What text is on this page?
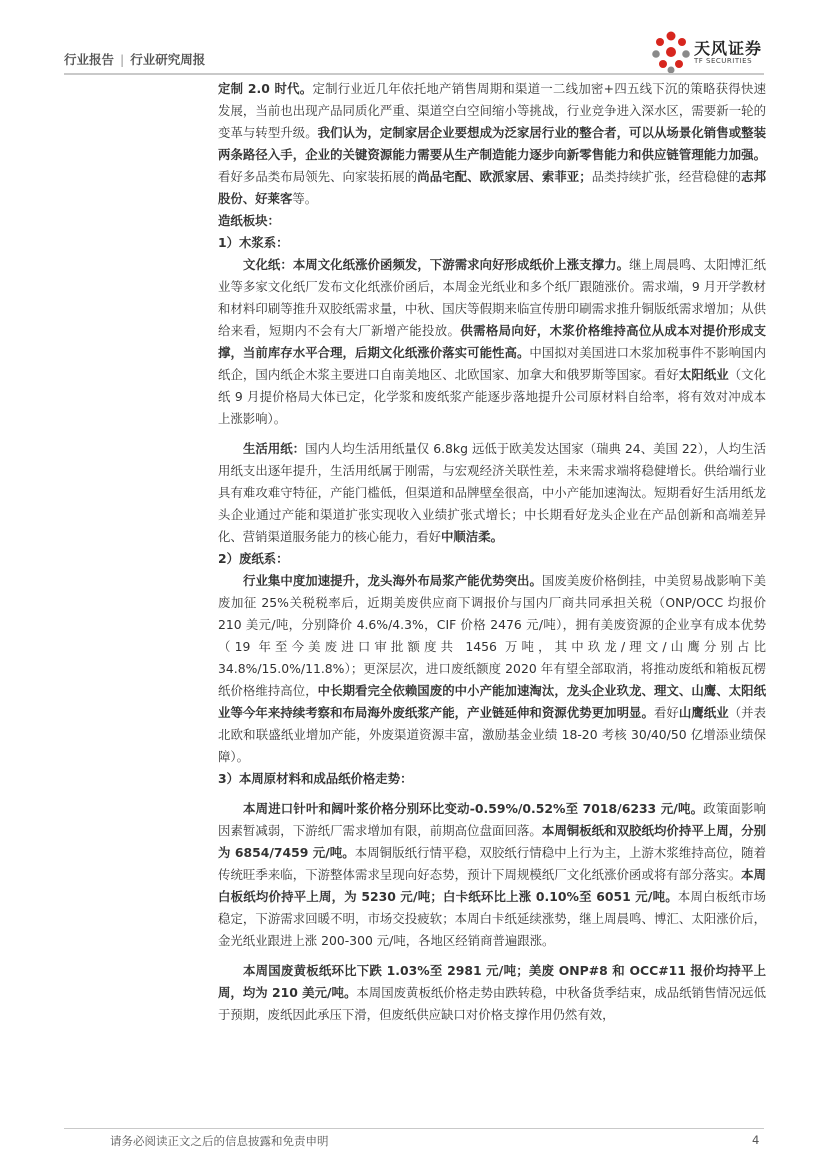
行业报告 | 行业研究周报
天风证券
TF SECURITIES

定制 2.0 时代。定制行业近几年依托地产销售周期和渠道一二线加密+四五线下沉的策略获得快速发展，当前也出现产品同质化严重、渠道空白空间缩小等挑战，行业竞争进入深水区，需要新一轮的变革与转型升级。我们认为，定制家居企业要想成为泛家居行业的整合者，可以从场景化销售或整装两条路径入手，企业的关键资源能力需要从生产制造能力逐步向新零售能力和供应链管理能力加强。看好多品类布局领先、向家装拓展的尚品宅配、欧派家居、索菲亚；品类持续扩张，经营稳健的志邦股份、好莱客等。

造纸板块：

1）木浆系：

文化纸：本周文化纸涨价函频发，下游需求向好形成纸价上涨支撑力。继上周晨鸣、太阳博汇纸业等多家文化纸厂发布文化纸涨价函后，本周金光纸业和多个纸厂跟随涨价。需求端，9 月开学教材和材料印刷等推升双胶纸需求量，中秋、国庆等假期来临宣传册印刷需求推升铜版纸需求增加；从供给来看，短期内不会有大厂新增产能投放。供需格局向好，木浆价格维持高位从成本对提价形成支撑，当前库存水平合理，后期文化纸涨价落实可能性高。中国拟对美国进口木浆加税事件不影响国内纸企，国内纸企木浆主要进口自南美地区、北欧国家、加拿大和俄罗斯等国家。看好太阳纸业（文化纸 9 月提价格局大体已定，化学浆和废纸浆产能逐步落地提升公司原材料自给率，将有效对冲成本上涨影响）。

生活用纸：国内人均生活用纸量仅 6.8kg 远低于欧美发达国家（瑞典 24、美国 22），人均生活用纸支出逐年提升，生活用纸属于刚需，与宏观经济关联性差，未来需求端将稳健增长。供给端行业具有难攻难守特征，产能门槛低，但渠道和品牌壁垒很高，中小产能加速淘汰。短期看好生活用纸龙头企业通过产能和渠道扩张实现收入业绩扩张式增长；中长期看好龙头企业在产品创新和高端差异化、营销渠道服务能力的核心能力，看好中顺洁柔。

2）废纸系：

行业集中度加速提升，龙头海外布局浆产能优势突出。国废美废价格倒挂，中美贸易战影响下美废加征 25%关税税率后，近期美废供应商下调报价与国内厂商共同承担关税（ONP/OCC 均报价 210 美元/吨，分别降价 4.6%/4.3%，CIF 价格 2476 元/吨），拥有美废资源的企业享有成本优势（19 年至今美废进口审批额度共 1456 万吨，其中玖龙/理文/山鹰分别占比 34.8%/15.0%/11.8%）；更深层次，进口废纸额度 2020 年有望全部取消，将推动废纸和箱板瓦楞纸价格维持高位，中长期看完全依赖国废的中小产能加速淘汰，龙头企业玖龙、理文、山鹰、太阳纸业等今年来持续考察和布局海外废纸浆产能，产业链延伸和资源优势更加明显。看好山鹰纸业（并表北欧和联盛纸业增加产能，外废渠道资源丰富，激励基金业绩 18-20 考核 30/40/50 亿增添业绩保障）。

3）本周原材料和成品纸价格走势：

本周进口针叶和阔叶浆价格分别环比变动-0.59%/0.52%至 7018/6233 元/吨。政策面影响因素暂减弱，下游纸厂需求增加有限，前期高位盘面回落。本周铜板纸和双胶纸均价持平上周，分别为 6854/7459 元/吨。本周铜版纸行情平稳，双胶纸行情稳中上行为主，上游木浆维持高位，随着传统旺季来临，下游整体需求呈现向好态势，预计下周规模纸厂文化纸涨价函或将有部分落实。本周白板纸均价持平上周，为 5230 元/吨；白卡纸环比上涨 0.10%至 6051 元/吨。本周白板纸市场稳定，下游需求回暖不明，市场交投疲软；本周白卡纸延续涨势，继上周晨鸣、博汇、太阳涨价后，金光纸业跟进上涨 200-300 元/吨，各地区经销商普遍跟涨。

本周国废黄板纸环比下跌 1.03%至 2981 元/吨；美废 ONP#8 和 OCC#11 报价均持平上周，均为 210 美元/吨。本周国废黄板纸价格走势由跌转稳，中秋备货季结束，成品纸销售情况远低于预期，废纸因此承压下滑，但废纸供应缺口对价格支撑作用仍然有效，

请务必阅读正文之后的信息披露和免责申明	4
